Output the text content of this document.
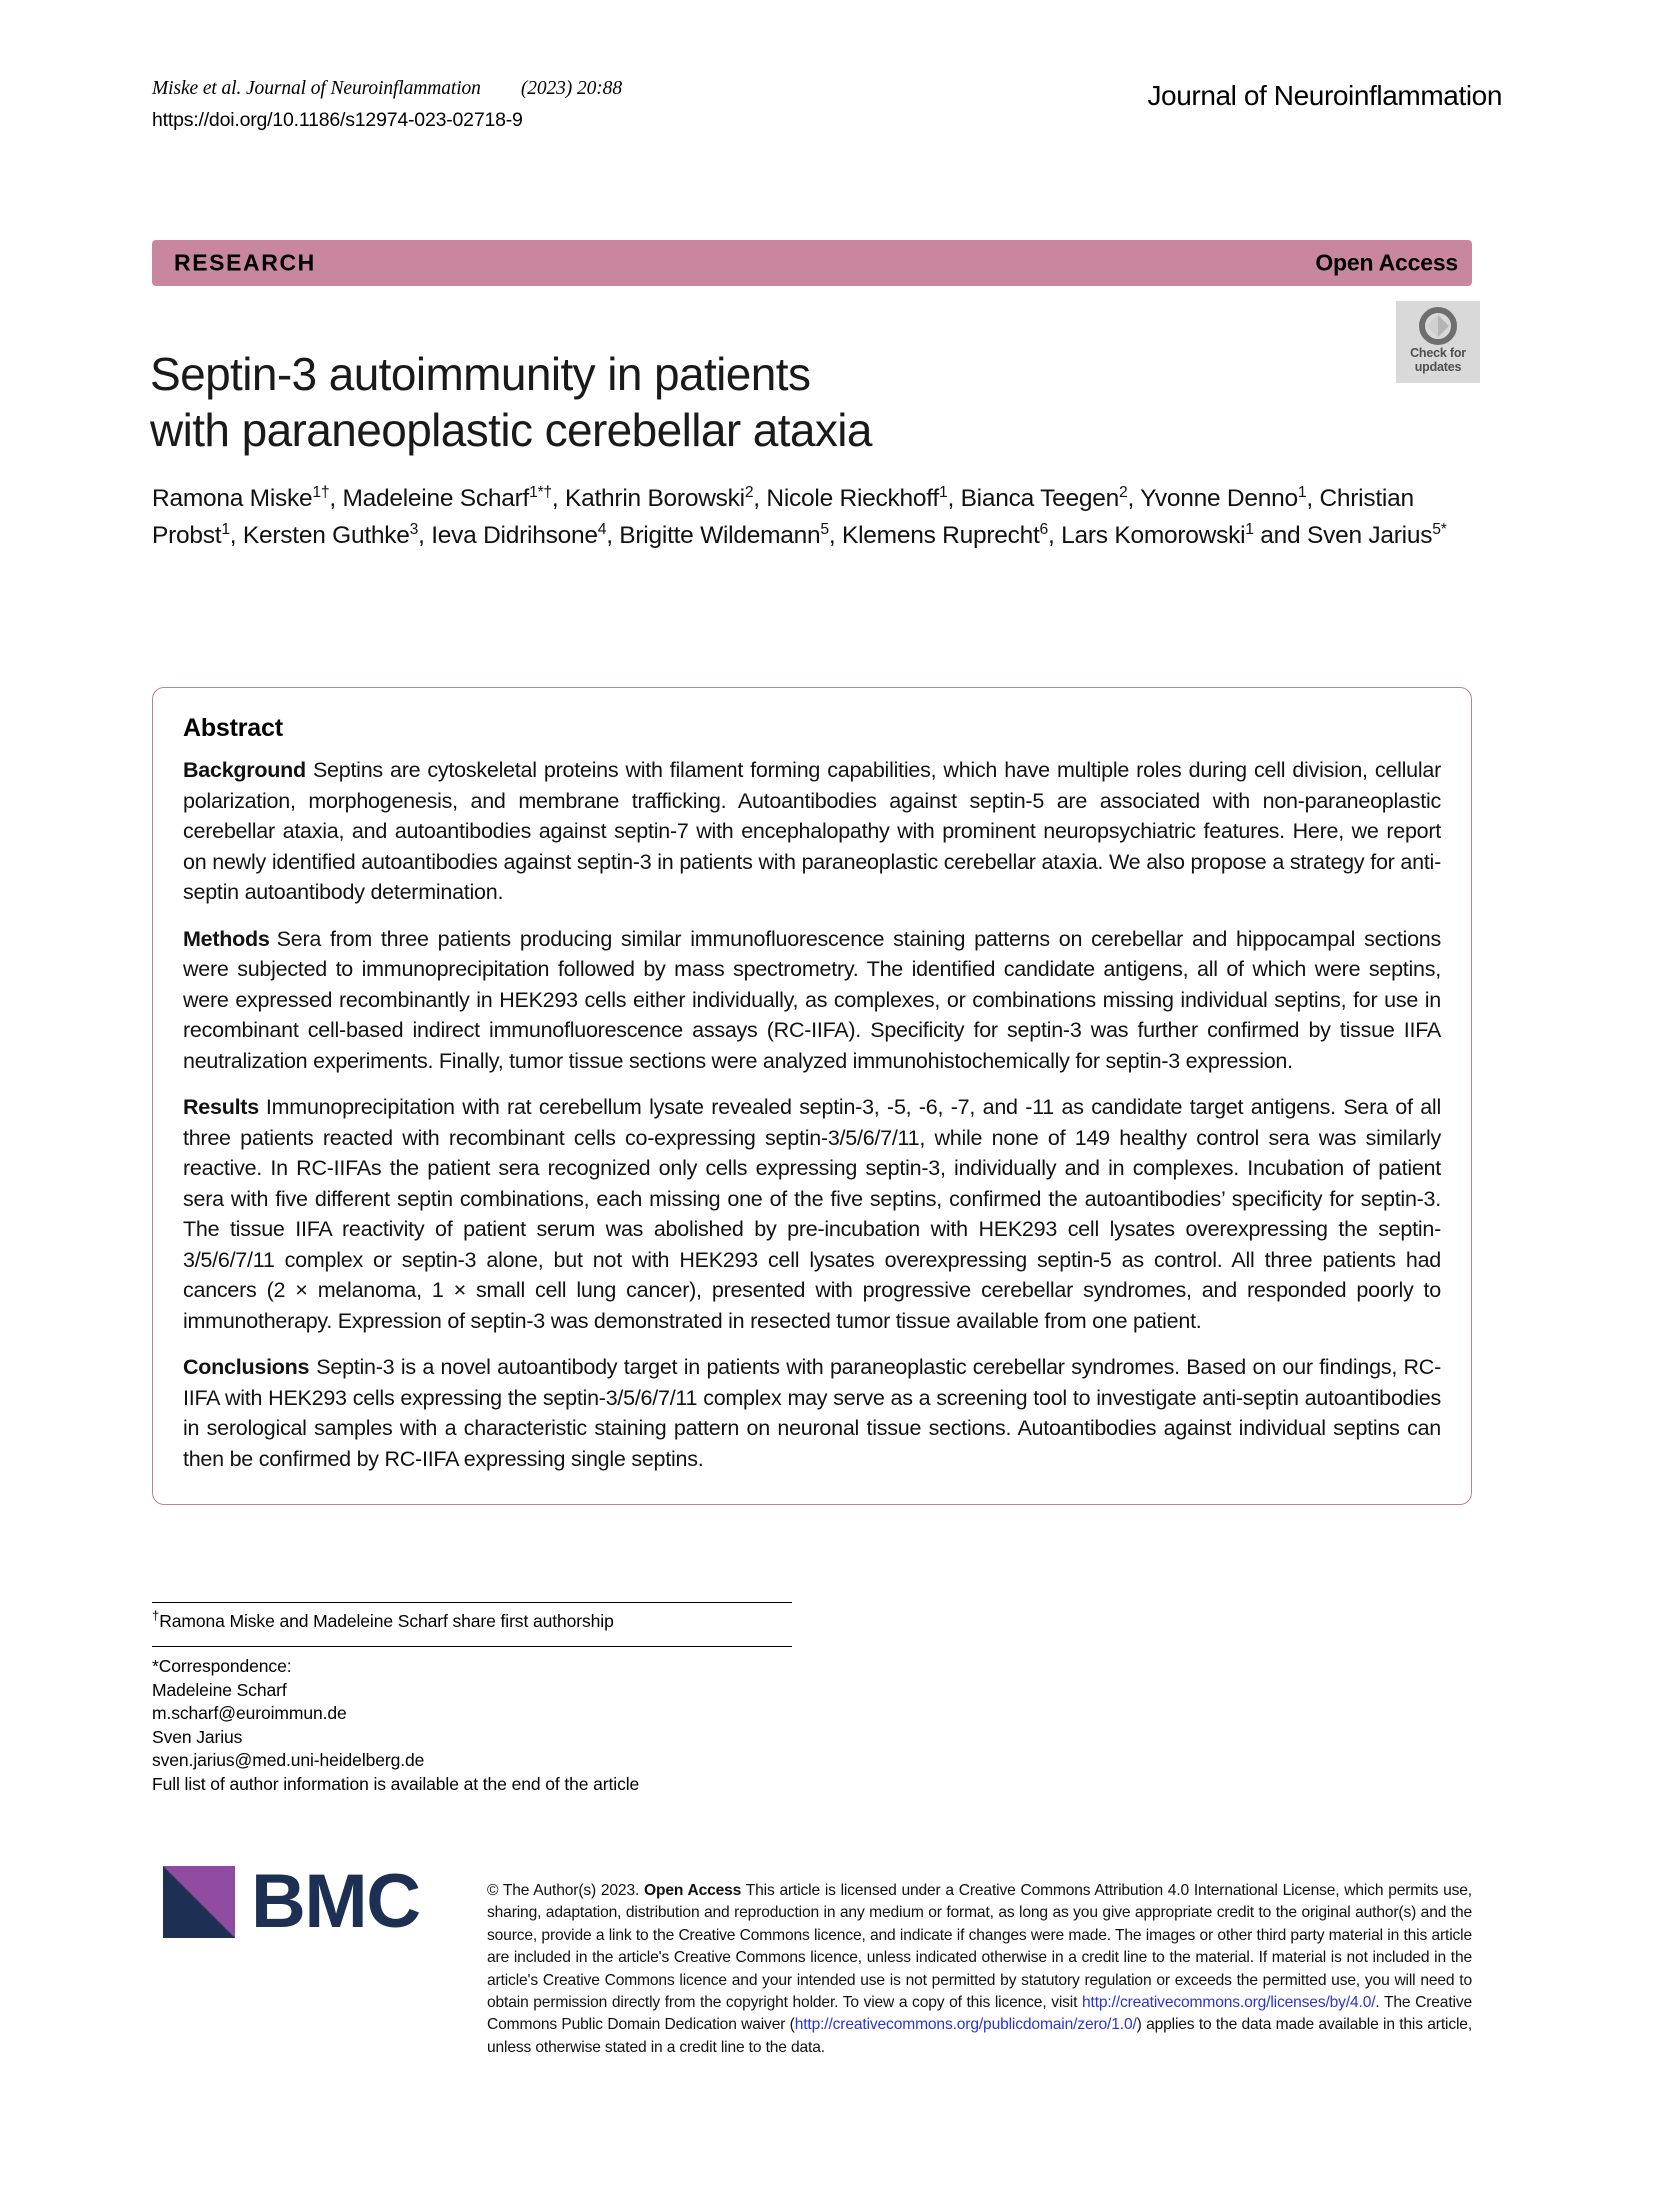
Miske et al. Journal of Neuroinflammation (2023) 20:88
https://doi.org/10.1186/s12974-023-02718-9
Journal of Neuroinflammation
RESEARCH	Open Access
Check for
updates
Septin-3 autoimmunity in patients
with paraneoplastic cerebellar ataxia
Ramona Miske$^{1\dagger}$, Madeleine Scharf$^{1*\dagger}$, Kathrin Borowski$^2$, Nicole Rieckhoff$^1$, Bianca Teegen$^2$, Yvonne Denno$^1$, Christian Probst$^1$, Kersten Guthke$^3$, Ieva Didrihsone$^4$, Brigitte Wildemann$^5$, Klemens Ruprecht$^6$, Lars Komorowski$^1$ and Sven Jarius$^{5*}$
Abstract

Background Septins are cytoskeletal proteins with filament forming capabilities, which have multiple roles during cell division, cellular polarization, morphogenesis, and membrane trafficking. Autoantibodies against septin-5 are associated with non-paraneoplastic cerebellar ataxia, and autoantibodies against septin-7 with encephalopathy with prominent neuropsychiatric features. Here, we report on newly identified autoantibodies against septin-3 in patients with paraneoplastic cerebellar ataxia. We also propose a strategy for anti-septin autoantibody determination.

Methods Sera from three patients producing similar immunofluorescence staining patterns on cerebellar and hippocampal sections were subjected to immunoprecipitation followed by mass spectrometry. The identified candidate antigens, all of which were septins, were expressed recombinantly in HEK293 cells either individually, as complexes, or combinations missing individual septins, for use in recombinant cell-based indirect immunofluorescence assays (RC-IIFA). Specificity for septin-3 was further confirmed by tissue IIFA neutralization experiments. Finally, tumor tissue sections were analyzed immunohistochemically for septin-3 expression.

Results Immunoprecipitation with rat cerebellum lysate revealed septin-3, -5, -6, -7, and -11 as candidate target antigens. Sera of all three patients reacted with recombinant cells co-expressing septin-3/5/6/7/11, while none of 149 healthy control sera was similarly reactive. In RC-IIFAs the patient sera recognized only cells expressing septin-3, individually and in complexes. Incubation of patient sera with five different septin combinations, each missing one of the five septins, confirmed the autoantibodies’ specificity for septin-3. The tissue IIFA reactivity of patient serum was abolished by pre-incubation with HEK293 cell lysates overexpressing the septin-3/5/6/7/11 complex or septin-3 alone, but not with HEK293 cell lysates overexpressing septin-5 as control. All three patients had cancers (2 × melanoma, 1 × small cell lung cancer), presented with progressive cerebellar syndromes, and responded poorly to immunotherapy. Expression of septin-3 was demonstrated in resected tumor tissue available from one patient.

Conclusions Septin-3 is a novel autoantibody target in patients with paraneoplastic cerebellar syndromes. Based on our findings, RC-IIFA with HEK293 cells expressing the septin-3/5/6/7/11 complex may serve as a screening tool to investigate anti-septin autoantibodies in serological samples with a characteristic staining pattern on neuronal tissue sections. Autoantibodies against individual septins can then be confirmed by RC-IIFA expressing single septins.

†Ramona Miske and Madeleine Scharf share first authorship
*Correspondence:
Madeleine Scharf
m.scharf@euroimmun.de
Sven Jarius
sven.jarius@med.uni-heidelberg.de
Full list of author information is available at the end of the article
BMC	© The Author(s) 2023. Open Access This article is licensed under a Creative Commons Attribution 4.0 International License, which permits use, sharing, adaptation, distribution and reproduction in any medium or format, as long as you give appropriate credit to the original author(s) and the source, provide a link to the Creative Commons licence, and indicate if changes were made. The images or other third party material in this article are included in the article's Creative Commons licence, unless indicated otherwise in a credit line to the material. If material is not included in the article's Creative Commons licence and your intended use is not permitted by statutory regulation or exceeds the permitted use, you will need to obtain permission directly from the copyright holder. To view a copy of this licence, visit http://creativecommons.org/licenses/by/4.0/. The Creative Commons Public Domain Dedication waiver (http://creativecommons.org/publicdomain/zero/1.0/) applies to the data made available in this article, unless otherwise stated in a credit line to the data.
